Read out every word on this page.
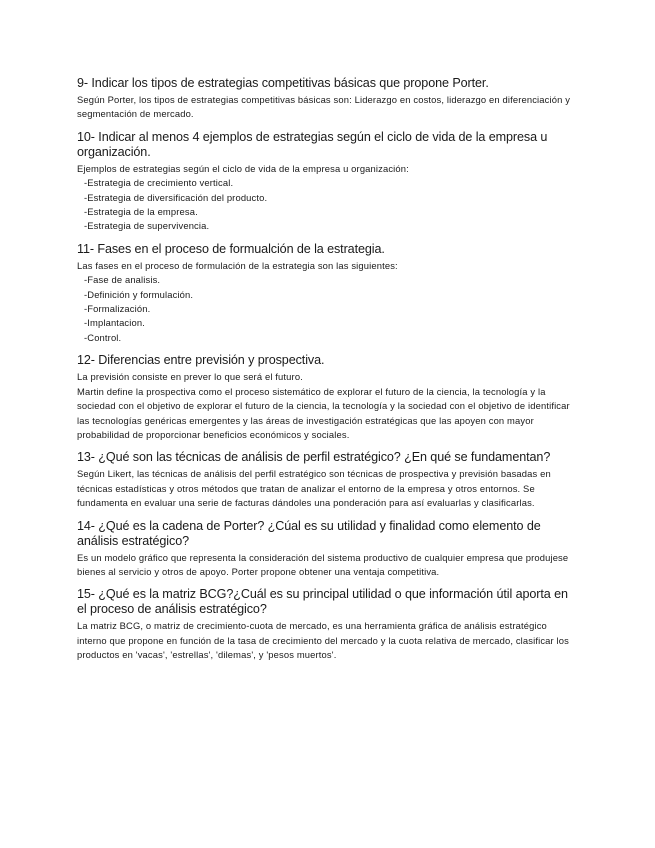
9- Indicar los tipos de estrategias competitivas básicas que propone Porter.

Según Porter, los tipos de estrategias competitivas básicas son: Liderazgo en costos, liderazgo en diferenciación y segmentación de mercado.

10- Indicar al menos 4 ejemplos de estrategias según el ciclo de vida de la empresa u organización.

Ejemplos de estrategias según el ciclo de vida de la empresa u organización:

-Estrategia de crecimiento vertical.
-Estrategia de diversificación del producto.
-Estrategia de la empresa.
-Estrategia de supervivencia.
11- Fases en el proceso de formualción de la estrategia.

Las fases en el proceso de formulación de la estrategia son las siguientes:

-Fase de analisis.
-Definición y formulación.
-Formalización.
-Implantacion.
-Control.
12- Diferencias entre previsión y prospectiva.

La previsión consiste en prever lo que será el futuro.

Martin define la prospectiva como el proceso sistemático de explorar el futuro de la ciencia, la tecnología y la sociedad con el objetivo de explorar el futuro de la ciencia, la tecnología y la sociedad con el objetivo de identificar las tecnologías genéricas emergentes y las áreas de investigación estratégicas que las apoyen con mayor probabilidad de proporcionar beneficios económicos y sociales.

13- ¿Qué son las técnicas de análisis de perfil estratégico? ¿En qué se fundamentan?

Según Likert, las técnicas de análisis del perfil estratégico son técnicas de prospectiva y previsión basadas en técnicas estadísticas y otros métodos que tratan de analizar el entorno de la empresa y otros entornos. Se fundamenta en evaluar una serie de facturas dándoles una ponderación para así evaluarlas y clasificarlas.

14- ¿Qué es la cadena de Porter? ¿Cúal es su utilidad y finalidad como elemento de análisis estratégico?

Es un modelo gráfico que representa la consideración del sistema productivo de cualquier empresa que produjese bienes al servicio y otros de apoyo. Porter propone obtener una ventaja competitiva.

15- ¿Qué es la matriz BCG?¿Cuál es su principal utilidad o que información útil aporta en el proceso de análisis estratégico?

La matriz BCG, o matriz de crecimiento-cuota de mercado, es una herramienta gráfica de análisis estratégico interno que propone en función de la tasa de crecimiento del mercado y la cuota relativa de mercado, clasificar los productos en 'vacas', 'estrellas', 'dilemas', y 'pesos muertos'.
